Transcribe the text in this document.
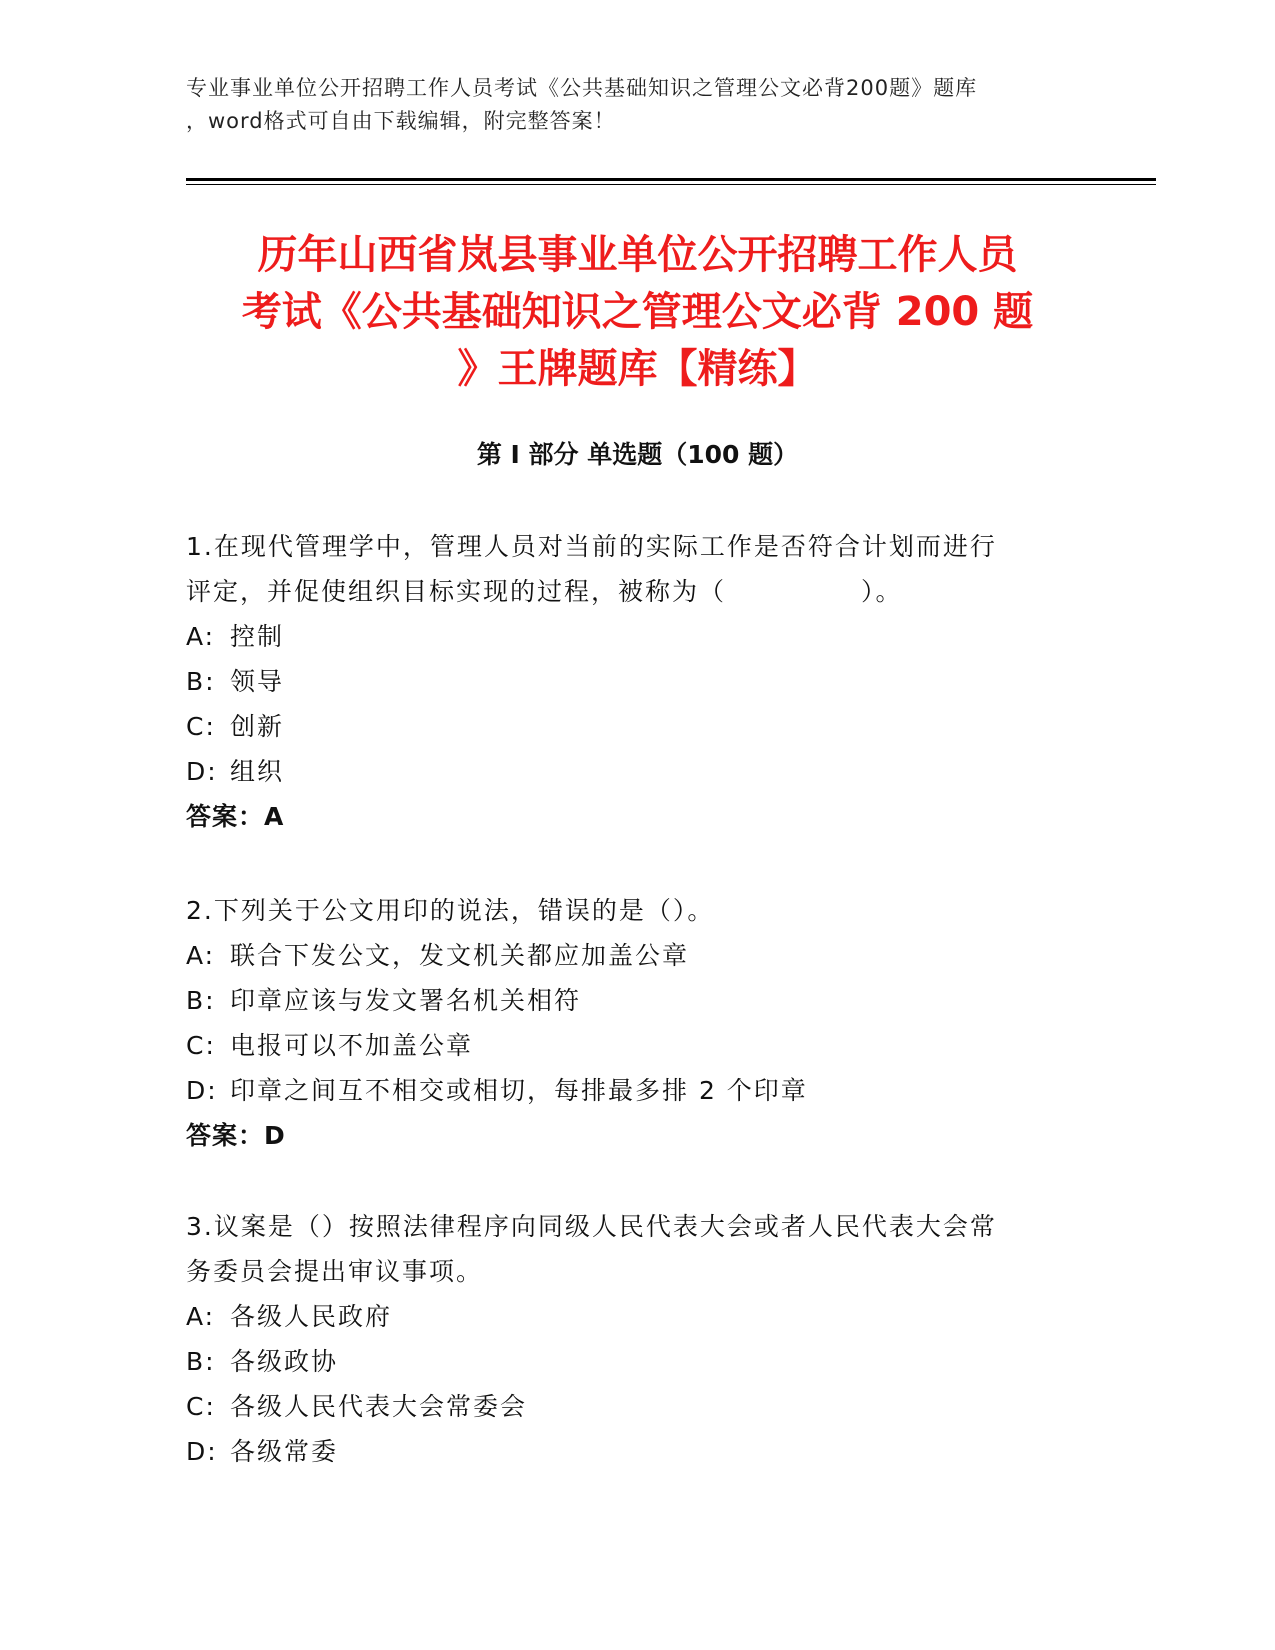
专业事业单位公开招聘工作人员考试《公共基础知识之管理公文必背200题》题库
，word格式可自由下载编辑，附完整答案！
历年山西省岚县事业单位公开招聘工作人员
考试《公共基础知识之管理公文必背 200 题
》王牌题库【精练】
第 I 部分 单选题（100 题）
1.在现代管理学中，管理人员对当前的实际工作是否符合计划而进行
评定，并促使组织目标实现的过程，被称为（　　　　　）。
A: 控制
B: 领导
C: 创新
D: 组织
答案：A
2.下列关于公文用印的说法，错误的是（）。
A: 联合下发公文，发文机关都应加盖公章
B: 印章应该与发文署名机关相符
C: 电报可以不加盖公章
D: 印章之间互不相交或相切，每排最多排 2 个印章
答案：D
3.议案是（）按照法律程序向同级人民代表大会或者人民代表大会常
务委员会提出审议事项。
A: 各级人民政府
B: 各级政协
C: 各级人民代表大会常委会
D: 各级常委
